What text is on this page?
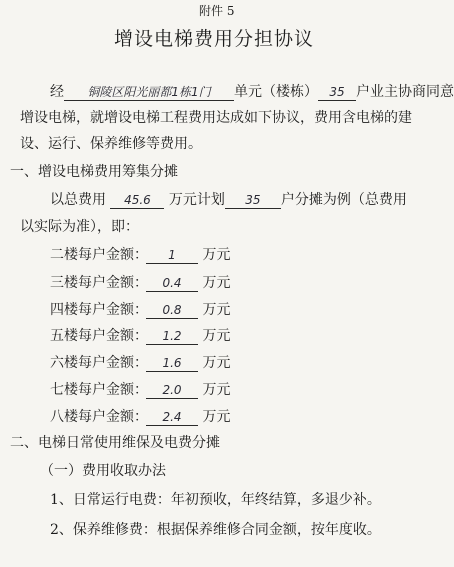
附件 5
增设电梯费用分担协议
经 铜陵区阳光丽都1栋1门 单元（楼栋） 35 户业主协商同意
增设电梯，就增设电梯工程费用达成如下协议，费用含电梯的建
设、运行、保养维修等费用。
一、增设电梯费用筹集分摊
以总费用 45.6 万元计划 35 户分摊为例（总费用
以实际为准），即：
二楼每户金额： 1 万元
三楼每户金额： 0.4 万元
四楼每户金额： 0.8 万元
五楼每户金额： 1.2 万元
六楼每户金额： 1.6 万元
七楼每户金额： 2.0 万元
八楼每户金额： 2.4 万元
二、电梯日常使用维保及电费分摊
（一）费用收取办法
1、日常运行电费：年初预收，年终结算，多退少补。
2、保养维修费：根据保养维修合同金额，按年度收。
